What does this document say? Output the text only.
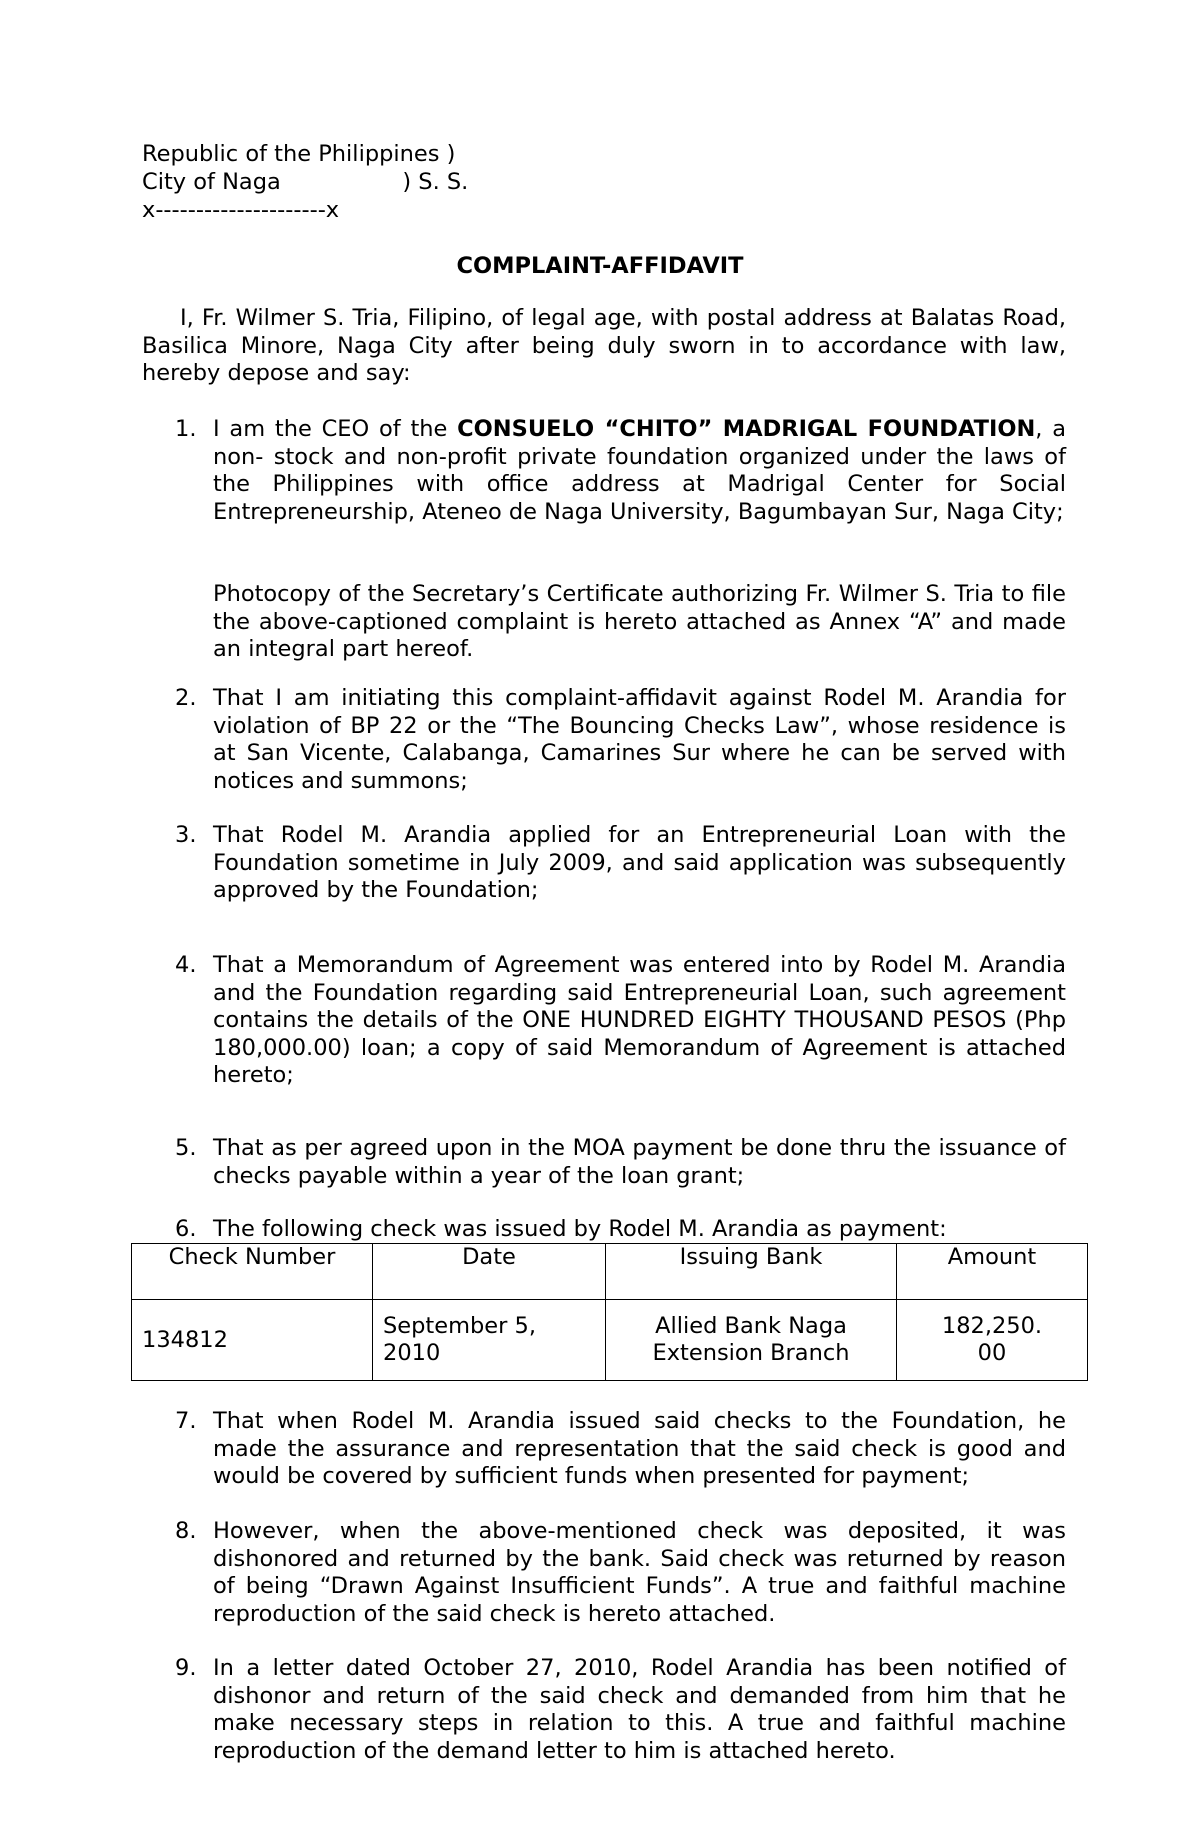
Republic of the Philippines )
City of Naga                 ) S. S.
x---------------------x
COMPLAINT-AFFIDAVIT
I, Fr. Wilmer S. Tria, Filipino, of legal age, with postal address at Balatas Road, Basilica Minore, Naga City after being duly sworn in to accordance with law, hereby depose and say:
1. I am the CEO of the CONSUELO “CHITO” MADRIGAL FOUNDATION, a non- stock and non-profit private foundation organized under the laws of the Philippines with office address at Madrigal Center for Social Entrepreneurship, Ateneo de Naga University, Bagumbayan Sur, Naga City;
Photocopy of the Secretary’s Certificate authorizing Fr. Wilmer S. Tria to file the above-captioned complaint is hereto attached as Annex “A” and made an integral part hereof.
2. That I am initiating this complaint-affidavit against Rodel M. Arandia for violation of BP 22 or the “The Bouncing Checks Law”, whose residence is at San Vicente, Calabanga, Camarines Sur where he can be served with notices and summons;
3. That Rodel M. Arandia applied for an Entrepreneurial Loan with the Foundation sometime in July 2009, and said application was subsequently approved by the Foundation;
4. That a Memorandum of Agreement was entered into by Rodel M. Arandia and the Foundation regarding said Entrepreneurial Loan, such agreement contains the details of the ONE HUNDRED EIGHTY THOUSAND PESOS (Php 180,000.00) loan; a copy of said Memorandum of Agreement is attached hereto;
5. That as per agreed upon in the MOA payment be done thru the issuance of checks payable within a year of the loan grant;
6. The following check was issued by Rodel M. Arandia as payment:
Check Number	Date	Issuing Bank	Amount
134812	September 5, 2010	Allied Bank Naga Extension Branch	182,250.00
7. That when Rodel M. Arandia issued said checks to the Foundation, he made the assurance and representation that the said check is good and would be covered by sufficient funds when presented for payment;
8. However, when the above-mentioned check was deposited, it was dishonored and returned by the bank. Said check was returned by reason of being “Drawn Against Insufficient Funds”. A true and faithful machine reproduction of the said check is hereto attached.
9. In a letter dated October 27, 2010, Rodel Arandia has been notified of dishonor and return of the said check and demanded from him that he make necessary steps in relation to this. A true and faithful machine reproduction of the demand letter to him is attached hereto.
